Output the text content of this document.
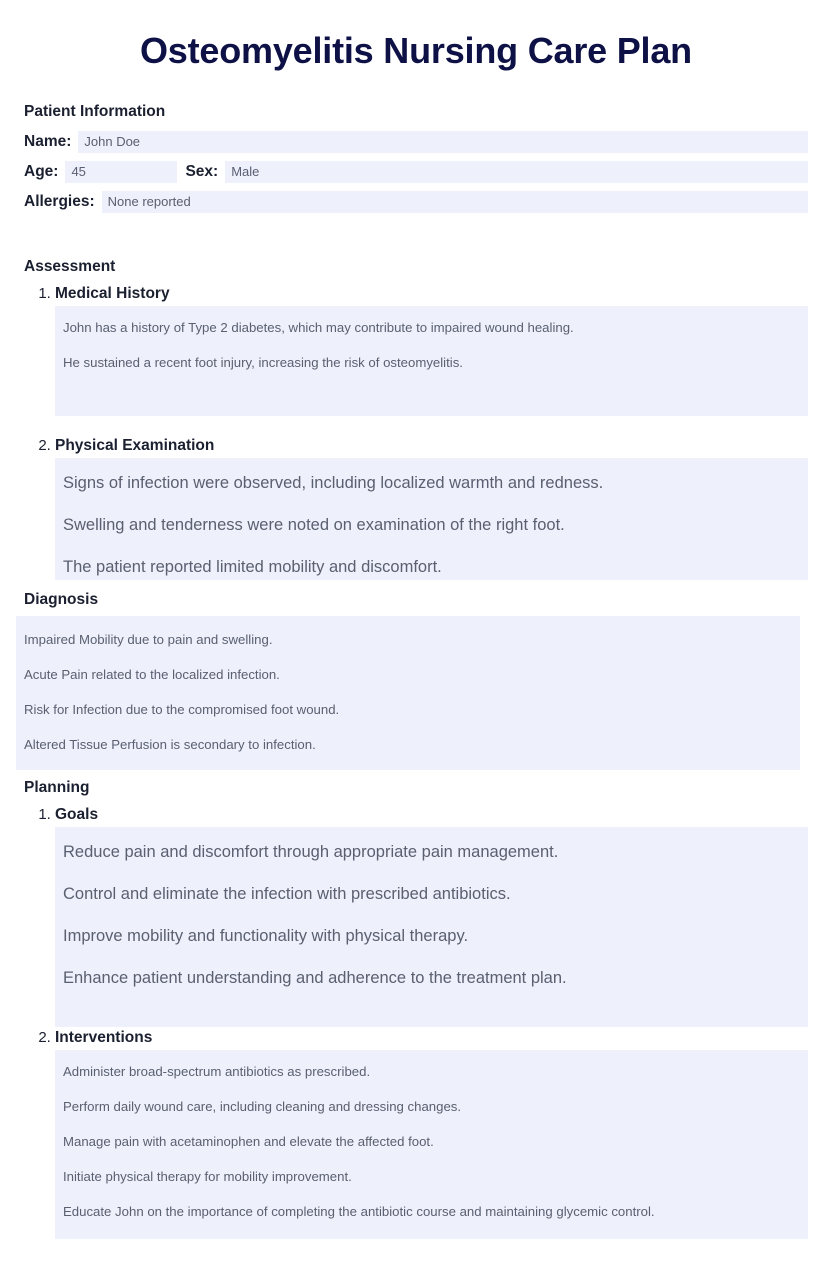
Osteomyelitis Nursing Care Plan
Patient Information
Name:	John Doe
Age:	45	Sex:	Male
Allergies:	None reported
Assessment
1. Medical History

John has a history of Type 2 diabetes, which may contribute to impaired wound healing.

He sustained a recent foot injury, increasing the risk of osteomyelitis.

2. Physical Examination

Signs of infection were observed, including localized warmth and redness.

Swelling and tenderness were noted on examination of the right foot.

The patient reported limited mobility and discomfort.

Diagnosis

Impaired Mobility due to pain and swelling.

Acute Pain related to the localized infection.

Risk for Infection due to the compromised foot wound.

Altered Tissue Perfusion is secondary to infection.

Planning
1. Goals

Reduce pain and discomfort through appropriate pain management.

Control and eliminate the infection with prescribed antibiotics.

Improve mobility and functionality with physical therapy.

Enhance patient understanding and adherence to the treatment plan.

2. Interventions

Administer broad-spectrum antibiotics as prescribed.

Perform daily wound care, including cleaning and dressing changes.

Manage pain with acetaminophen and elevate the affected foot.

Initiate physical therapy for mobility improvement.

Educate John on the importance of completing the antibiotic course and maintaining glycemic control.
